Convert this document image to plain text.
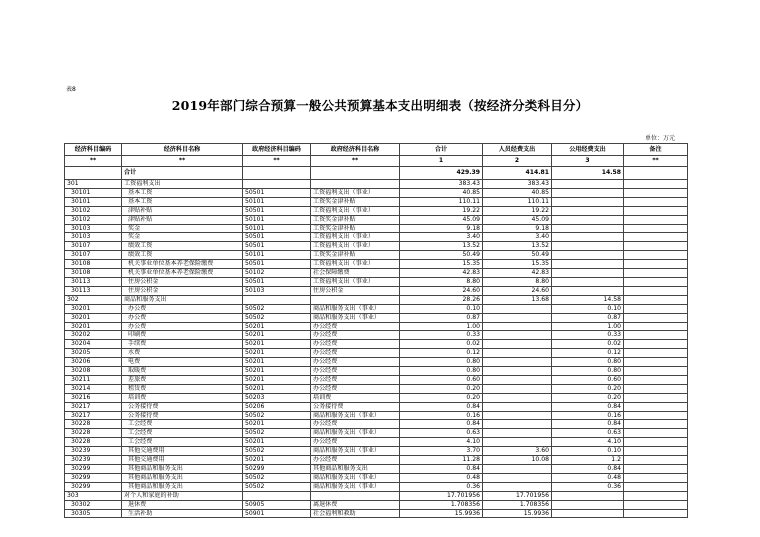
表8
2019年部门综合预算一般公共预算基本支出明细表（按经济分类科目分）
单位：万元
经济科目编码	经济科目名称	政府经济科目编码	政府经济科目名称	合计	人员经费支出	公用经费支出	备注
**	**	**	**	1	2	3	**
	合计			429.39	414.81	14.58	
301	工资福利支出			383.43	383.43		
30101	基本工资	50501	工资福利支出（事业）	40.85	40.85		
30101	基本工资	50101	工资奖金津补贴	110.11	110.11		
30102	津贴补贴	50501	工资福利支出（事业）	19.22	19.22		
30102	津贴补贴	50101	工资奖金津补贴	45.09	45.09		
30103	奖金	50101	工资奖金津补贴	9.18	9.18		
30103	奖金	50501	工资福利支出（事业）	3.40	3.40		
30107	绩效工资	50501	工资福利支出（事业）	13.52	13.52		
30107	绩效工资	50101	工资奖金津补贴	50.49	50.49		
30108	机关事业单位基本养老保险缴费	50501	工资福利支出（事业）	15.35	15.35		
30108	机关事业单位基本养老保险缴费	50102	社会保障缴费	42.83	42.83		
30113	住房公积金	50501	工资福利支出（事业）	8.80	8.80		
30113	住房公积金	50103	住房公积金	24.60	24.60		
302	商品和服务支出			28.26	13.68	14.58	
30201	办公费	50502	商品和服务支出（事业）	0.10		0.10	
30201	办公费	50502	商品和服务支出（事业）	0.87		0.87	
30201	办公费	50201	办公经费	1.00		1.00	
30202	印刷费	50201	办公经费	0.33		0.33	
30204	手续费	50201	办公经费	0.02		0.02	
30205	水费	50201	办公经费	0.12		0.12	
30206	电费	50201	办公经费	0.80		0.80	
30208	取暖费	50201	办公经费	0.80		0.80	
30211	差旅费	50201	办公经费	0.60		0.60	
30214	租赁费	50201	办公经费	0.20		0.20	
30216	培训费	50203	培训费	0.20		0.20	
30217	公务接待费	50206	公务接待费	0.84		0.84	
30217	公务接待费	50502	商品和服务支出（事业）	0.16		0.16	
30228	工会经费	50201	办公经费	0.84		0.84	
30228	工会经费	50502	商品和服务支出（事业）	0.63		0.63	
30228	工会经费	50201	办公经费	4.10		4.10	
30239	其他交通费用	50502	商品和服务支出（事业）	3.70	3.60	0.10	
30239	其他交通费用	50201	办公经费	11.28	10.08	1.2	
30299	其他商品和服务支出	50299	其他商品和服务支出	0.84		0.84	
30299	其他商品和服务支出	50502	商品和服务支出（事业）	0.48		0.48	
30299	其他商品和服务支出	50502	商品和服务支出（事业）	0.36		0.36	
303	对个人和家庭的补助			17.701956	17.701956		
30302	退休费	50905	离退休费	1.708356	1.708356		
30305	生活补助	50901	社会福利和救助	15.9936	15.9936		
